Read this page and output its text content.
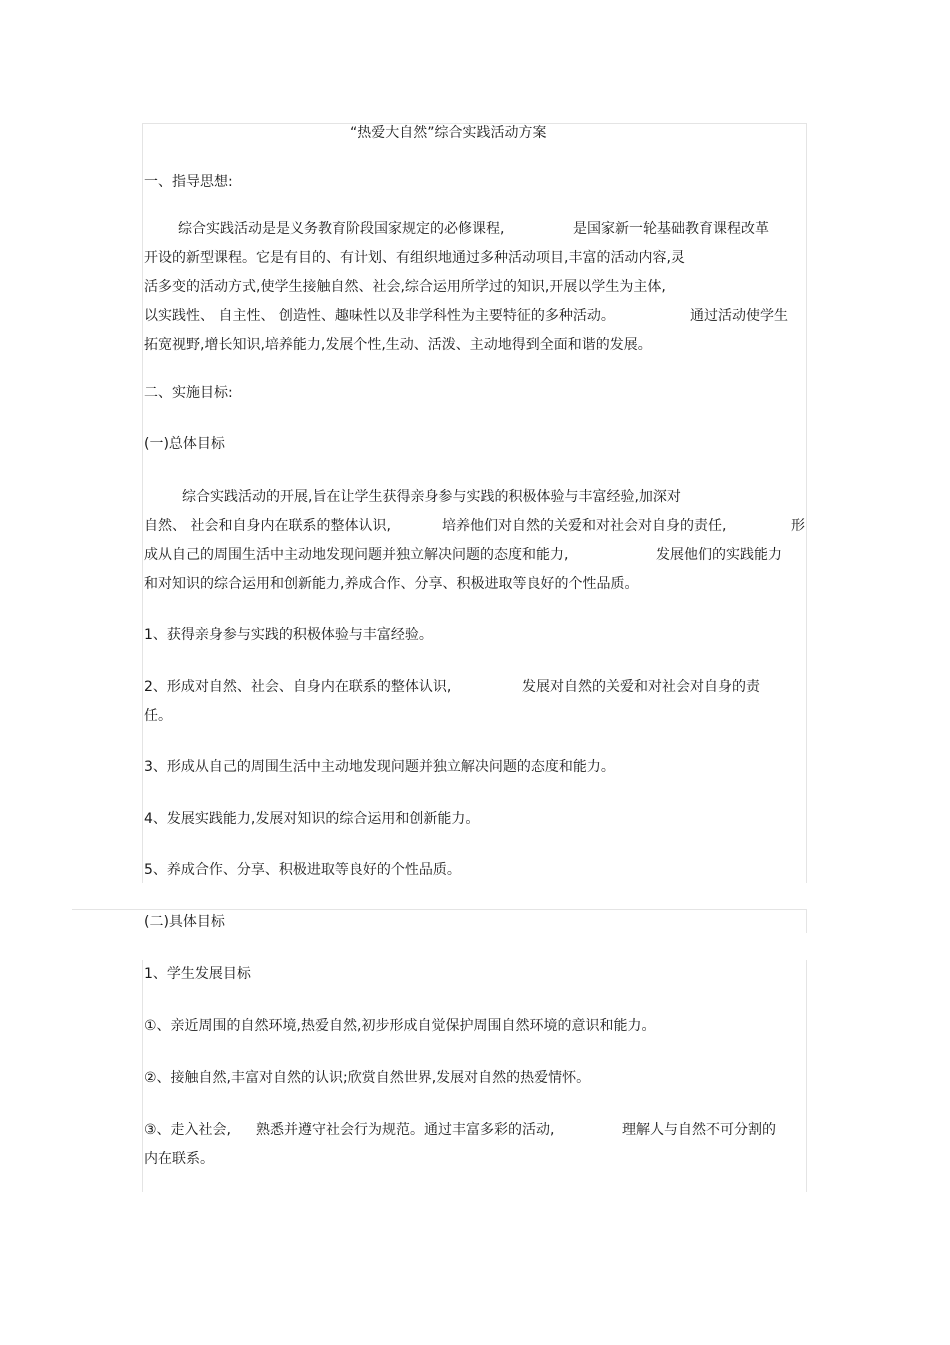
“热爱大自然”综合实践活动方案
一、指导思想:
综合实践活动是是义务教育阶段国家规定的必修课程,	是国家新一轮基础教育课程改革
开设的新型课程。它是有目的、有计划、有组织地通过多种活动项目,丰富的活动内容,灵
活多变的活动方式,使学生接触自然、社会,综合运用所学过的知识,开展以学生为主体,
以实践性、 自主性、 创造性、趣味性以及非学科性为主要特征的多种活动。	通过活动使学生
拓宽视野,增长知识,培养能力,发展个性,生动、活泼、主动地得到全面和谐的发展。
二、实施目标:
(一)总体目标
综合实践活动的开展,旨在让学生获得亲身参与实践的积极体验与丰富经验,加深对
自然、 社会和自身内在联系的整体认识,	培养他们对自然的关爱和对社会对自身的责任,	形
成从自己的周围生活中主动地发现问题并独立解决问题的态度和能力,	发展他们的实践能力
和对知识的综合运用和创新能力,养成合作、分享、积极进取等良好的个性品质。
1、获得亲身参与实践的积极体验与丰富经验。
2、形成对自然、社会、自身内在联系的整体认识,	发展对自然的关爱和对社会对自身的责
任。
3、形成从自己的周围生活中主动地发现问题并独立解决问题的态度和能力。
4、发展实践能力,发展对知识的综合运用和创新能力。
5、养成合作、分享、积极进取等良好的个性品质。
(二)具体目标
1、学生发展目标
①、亲近周围的自然环境,热爱自然,初步形成自觉保护周围自然环境的意识和能力。
②、接触自然,丰富对自然的认识;欣赏自然世界,发展对自然的热爱情怀。
③、走入社会, 熟悉并遵守社会行为规范。通过丰富多彩的活动,	理解人与自然不可分割的
内在联系。
